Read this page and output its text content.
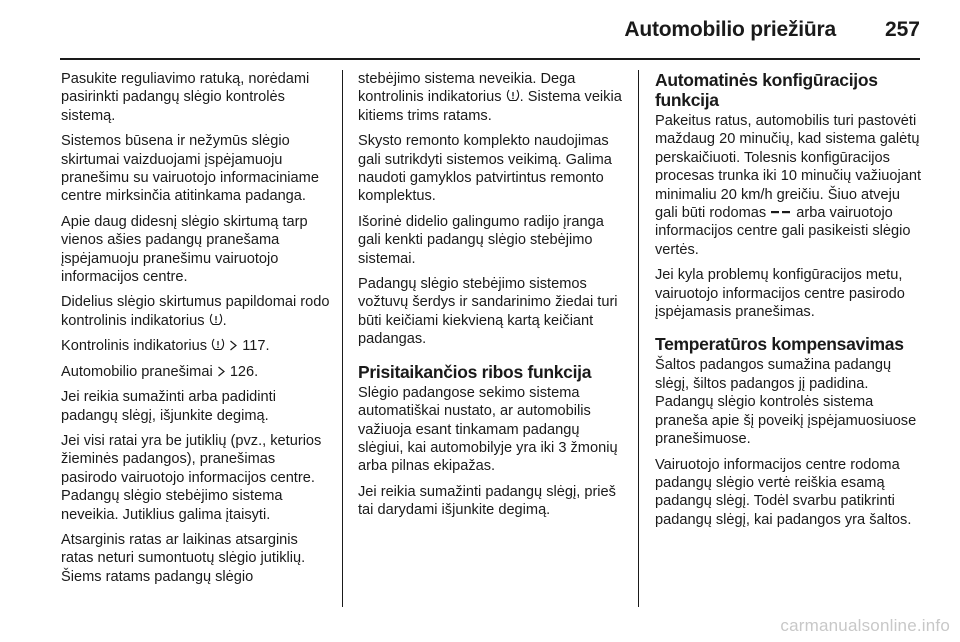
Automobilio priežiūra 257

Pasukite reguliavimo ratuką, norėdami pasirinkti padangų slėgio kontrolės sistemą.

Sistemos būsena ir nežymūs slėgio skirtumai vaizduojami įspėjamuoju pranešimu su vairuotojo informaciniame centre mirksinčia atitinkama padanga.

Apie daug didesnį slėgio skirtumą tarp vienos ašies padangų pranešama įspėjamuoju pranešimu vairuotojo informacijos centre.

Didelius slėgio skirtumus papildomai rodo kontrolinis indikatorius .

Kontrolinis indikatorius   117.

Automobilio pranešimai  126.

Jei reikia sumažinti arba padidinti padangų slėgį, išjunkite degimą.

Jei visi ratai yra be jutiklių (pvz., keturios žieminės padangos), pranešimas pasirodo vairuotojo informacijos centre. Padangų slėgio stebėjimo sistema neveikia. Jutiklius galima įtaisyti.

Atsarginis ratas ar laikinas atsarginis ratas neturi sumontuotų slėgio jutiklių. Šiems ratams padangų slėgio

stebėjimo sistema neveikia. Dega kontrolinis indikatorius . Sistema veikia kitiems trims ratams.

Skysto remonto komplekto naudojimas gali sutrikdyti sistemos veikimą. Galima naudoti gamyklos patvirtintus remonto komplektus.

Išorinė didelio galingumo radijo įranga gali kenkti padangų slėgio stebėjimo sistemai.

Padangų slėgio stebėjimo sistemos vožtuvų šerdys ir sandarinimo žiedai turi būti keičiami kiekvieną kartą keičiant padangas.

Prisitaikančios ribos funkcija

Slėgio padangose sekimo sistema automatiškai nustato, ar automobilis važiuoja esant tinkamam padangų slėgiui, kai automobilyje yra iki 3 žmonių arba pilnas ekipažas.

Jei reikia sumažinti padangų slėgį, prieš tai darydami išjunkite degimą.

Automatinės konfigūracijos funkcija

Pakeitus ratus, automobilis turi pastovėti maždaug 20 minučių, kad sistema galėtų perskaičiuoti. Tolesnis konfigūracijos procesas trunka iki 10 minučių važiuojant minimaliu 20 km/h greičiu. Šiuo atveju gali būti rodomas  arba vairuotojo informacijos centre gali pasikeisti slėgio vertės.

Jei kyla problemų konfigūracijos metu, vairuotojo informacijos centre pasirodo įspėjamasis pranešimas.

Temperatūros kompensavimas

Šaltos padangos sumažina padangų slėgį, šiltos padangos jį padidina. Padangų slėgio kontrolės sistema praneša apie šį poveikį įspėjamuosiuose pranešimuose.

Vairuotojo informacijos centre rodoma padangų slėgio vertė reiškia esamą padangų slėgį. Todėl svarbu patikrinti padangų slėgį, kai padangos yra šaltos.

carmanualsonline.info
